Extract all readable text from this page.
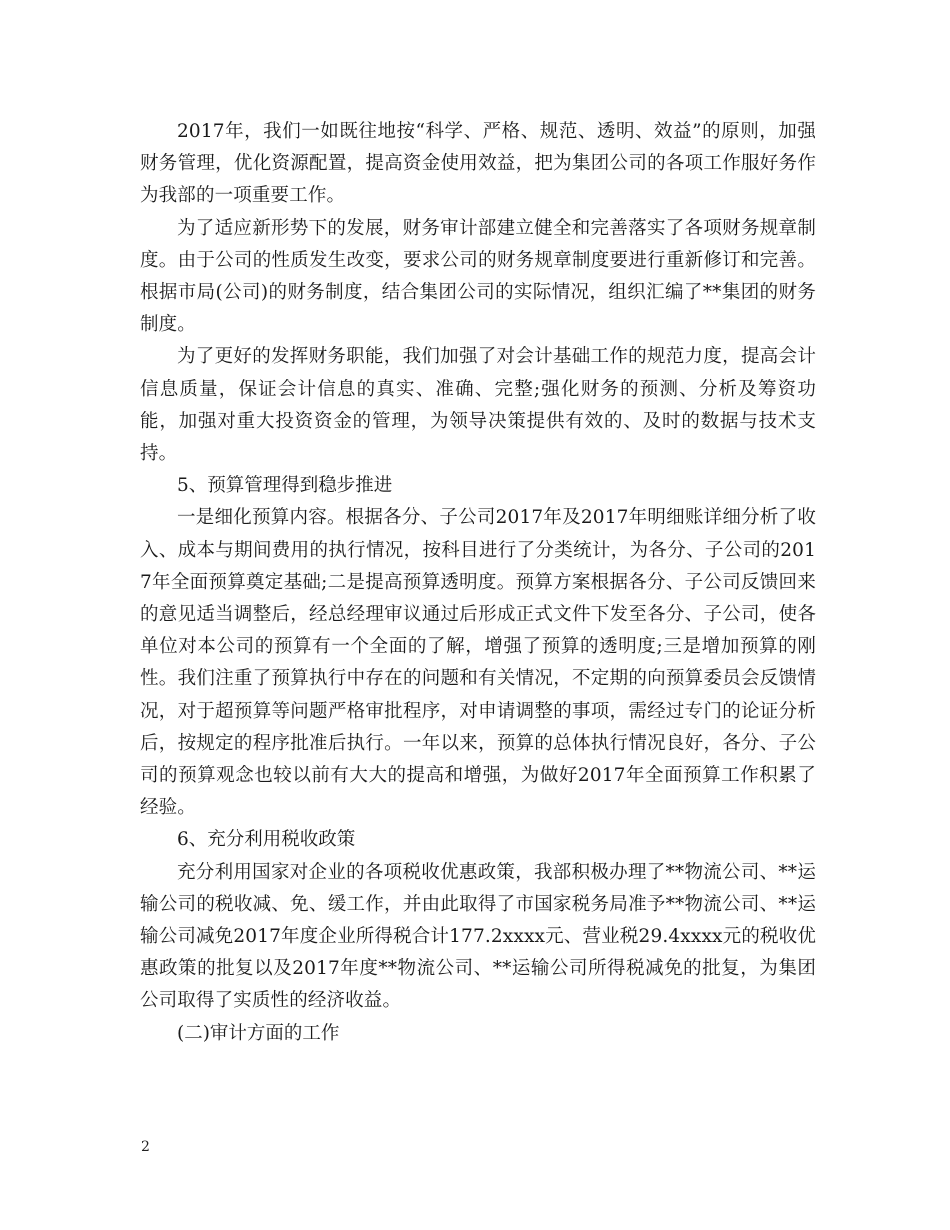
2017年，我们一如既往地按“科学、严格、规范、透明、效益”的原则，加强财务管理，优化资源配置，提高资金使用效益，把为集团公司的各项工作服好务作为我部的一项重要工作。

为了适应新形势下的发展，财务审计部建立健全和完善落实了各项财务规章制度。由于公司的性质发生改变，要求公司的财务规章制度要进行重新修订和完善。根据市局(公司)的财务制度，结合集团公司的实际情况，组织汇编了**集团的财务制度。

为了更好的发挥财务职能，我们加强了对会计基础工作的规范力度，提高会计信息质量，保证会计信息的真实、准确、完整;强化财务的预测、分析及筹资功能，加强对重大投资资金的管理，为领导决策提供有效的、及时的数据与技术支持。

5、预算管理得到稳步推进

一是细化预算内容。根据各分、子公司2017年及2017年明细账详细分析了收入、成本与期间费用的执行情况，按科目进行了分类统计，为各分、子公司的2017年全面预算奠定基础;二是提高预算透明度。预算方案根据各分、子公司反馈回来的意见适当调整后，经总经理审议通过后形成正式文件下发至各分、子公司，使各单位对本公司的预算有一个全面的了解，增强了预算的透明度;三是增加预算的刚性。我们注重了预算执行中存在的问题和有关情况，不定期的向预算委员会反馈情况，对于超预算等问题严格审批程序，对申请调整的事项，需经过专门的论证分析后，按规定的程序批准后执行。一年以来，预算的总体执行情况良好，各分、子公司的预算观念也较以前有大大的提高和增强，为做好2017年全面预算工作积累了经验。

6、充分利用税收政策

充分利用国家对企业的各项税收优惠政策，我部积极办理了**物流公司、**运输公司的税收减、免、缓工作，并由此取得了市国家税务局准予**物流公司、**运输公司减免2017年度企业所得税合计177.2xxxx元、营业税29.4xxxx元的税收优惠政策的批复以及2017年度**物流公司、**运输公司所得税减免的批复，为集团公司取得了实质性的经济收益。

(二)审计方面的工作

2
